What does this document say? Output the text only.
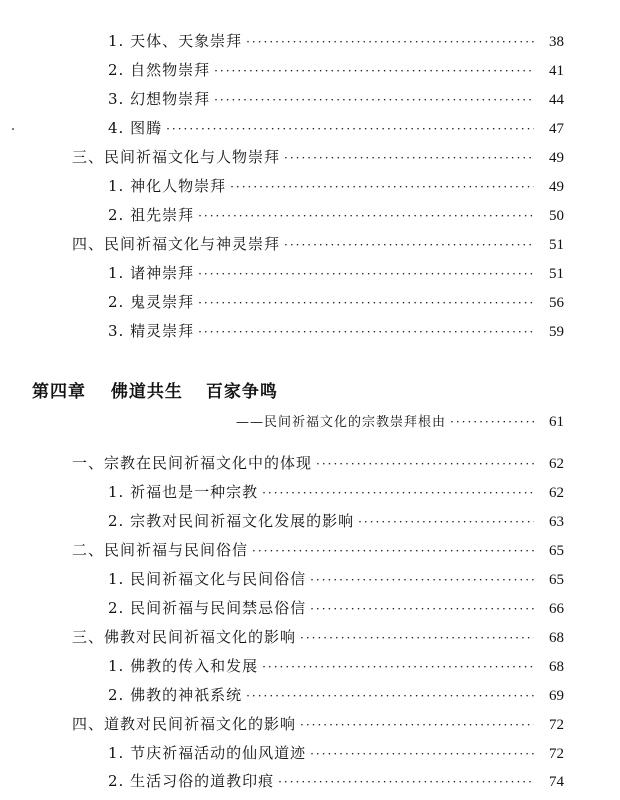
1. 天体、天象崇拜 ·····	38
2. 自然物崇拜 ·····	41
3. 幻想物崇拜 ·····	44
4. 图腾 ·····	47
三、民间祈福文化与人物崇拜 ·····	49
1. 神化人物崇拜 ·····	49
2. 祖先崇拜 ·····	50
四、民间祈福文化与神灵崇拜 ·····	51
1. 诸神崇拜 ·····	51
2. 鬼灵崇拜 ·····	56
3. 精灵崇拜 ·····	59
第四章 佛道共生 百家争鸣
——民间祈福文化的宗教崇拜根由 ·····	61
一、宗教在民间祈福文化中的体现 ·····	62
1. 祈福也是一种宗教 ·····	62
2. 宗教对民间祈福文化发展的影响 ·····	63
二、民间祈福与民间俗信 ·····	65
1. 民间祈福文化与民间俗信 ·····	65
2. 民间祈福与民间禁忌俗信 ·····	66
三、佛教对民间祈福文化的影响 ·····	68
1. 佛教的传入和发展 ·····	68
2. 佛教的神祇系统 ·····	69
四、道教对民间祈福文化的影响 ·····	72
1. 节庆祈福活动的仙风道迹 ·····	72
2. 生活习俗的道教印痕 ·····	74
